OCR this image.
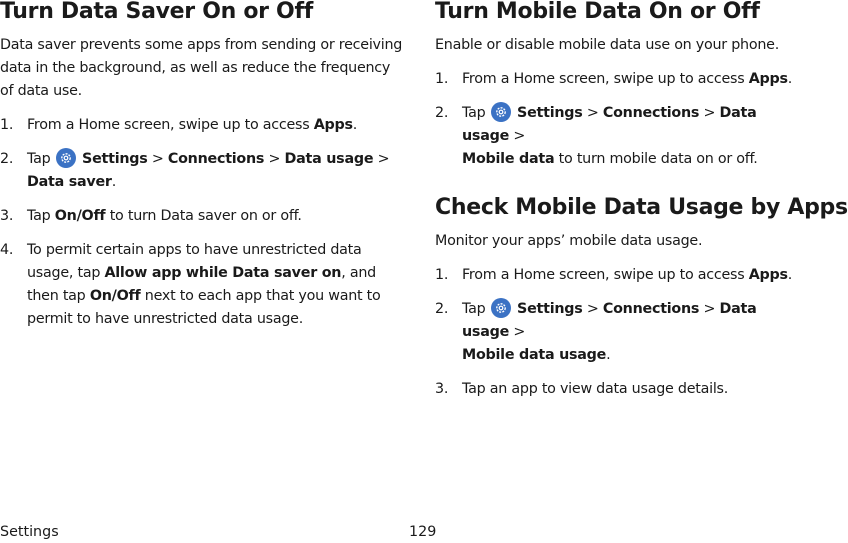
Turn Data Saver On or Off

Data saver prevents some apps from sending or receiving data in the background, as well as reduce the frequency of data use.

1. From a Home screen, swipe up to access Apps.
2. Tap Settings > Connections > Data usage >
Data saver.
3. Tap On/Off to turn Data saver on or off.
4. To permit certain apps to have unrestricted data usage, tap Allow app while Data saver on, and then tap On/Off next to each app that you want to permit to have unrestricted data usage.
Turn Mobile Data On or Off

Enable or disable mobile data use on your phone.

1. From a Home screen, swipe up to access Apps.
2. Tap Settings > Connections > Data usage >
Mobile data to turn mobile data on or off.
Check Mobile Data Usage by Apps

Monitor your apps’ mobile data usage.

1. From a Home screen, swipe up to access Apps.
2. Tap Settings > Connections > Data usage >
Mobile data usage.
3. Tap an app to view data usage details.
Settings	129
